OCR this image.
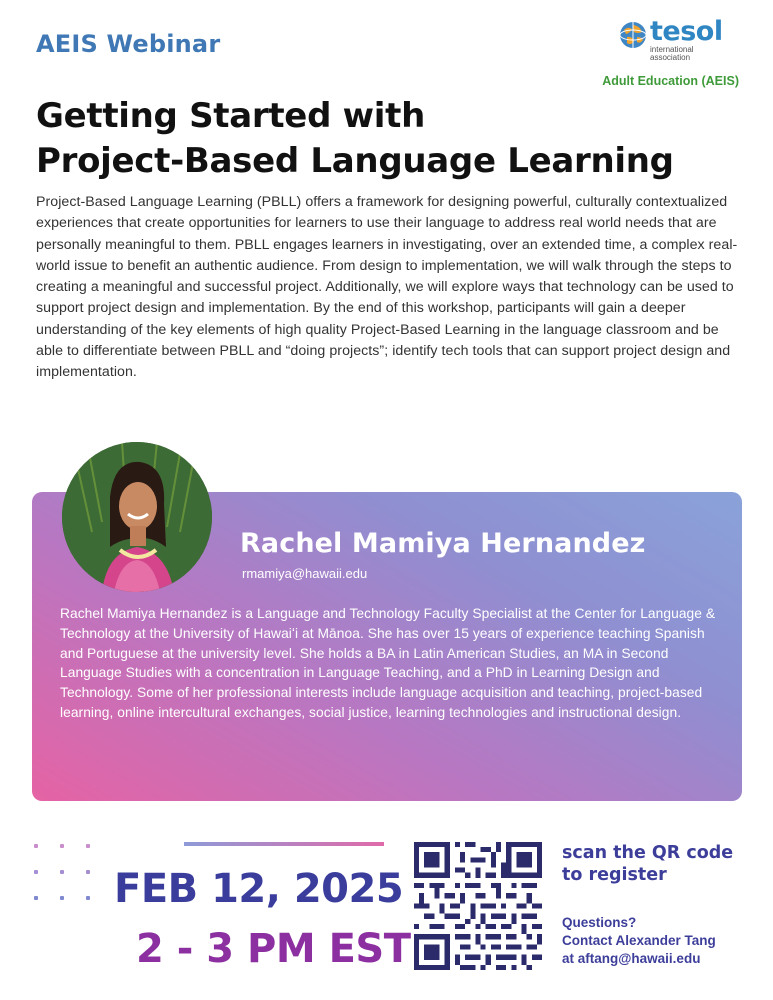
AEIS Webinar	tesol
international
association
Adult Education (AEIS)
Getting Started with
Project-Based Language Learning

Project-Based Language Learning (PBLL) offers a framework for designing powerful, culturally contextualized experiences that create opportunities for learners to use their language to address real world needs that are personally meaningful to them. PBLL engages learners in investigating, over an extended time, a complex real-world issue to benefit an authentic audience. From design to implementation, we will walk through the steps to creating a meaningful and successful project. Additionally, we will explore ways that technology can be used to support project design and implementation. By the end of this workshop, participants will gain a deeper understanding of the key elements of high quality Project-Based Learning in the language classroom and be able to differentiate between PBLL and “doing projects”; identify tech tools that can support project design and implementation.

Rachel Mamiya Hernandez
rmamiya@hawaii.edu

Rachel Mamiya Hernandez is a Language and Technology Faculty Specialist at the Center for Language & Technology at the University of Hawaiʻi at Mānoa. She has over 15 years of experience teaching Spanish and Portuguese at the university level. She holds a BA in Latin American Studies, an MA in Second Language Studies with a concentration in Language Teaching, and a PhD in Learning Design and Technology. Some of her professional interests include language acquisition and teaching, project-based learning, online intercultural exchanges, social justice, learning technologies and instructional design.

FEB 12, 2025
2 - 3 PM EST

scan the QR code
to register

Questions?
Contact Alexander Tang
at aftang@hawaii.edu
